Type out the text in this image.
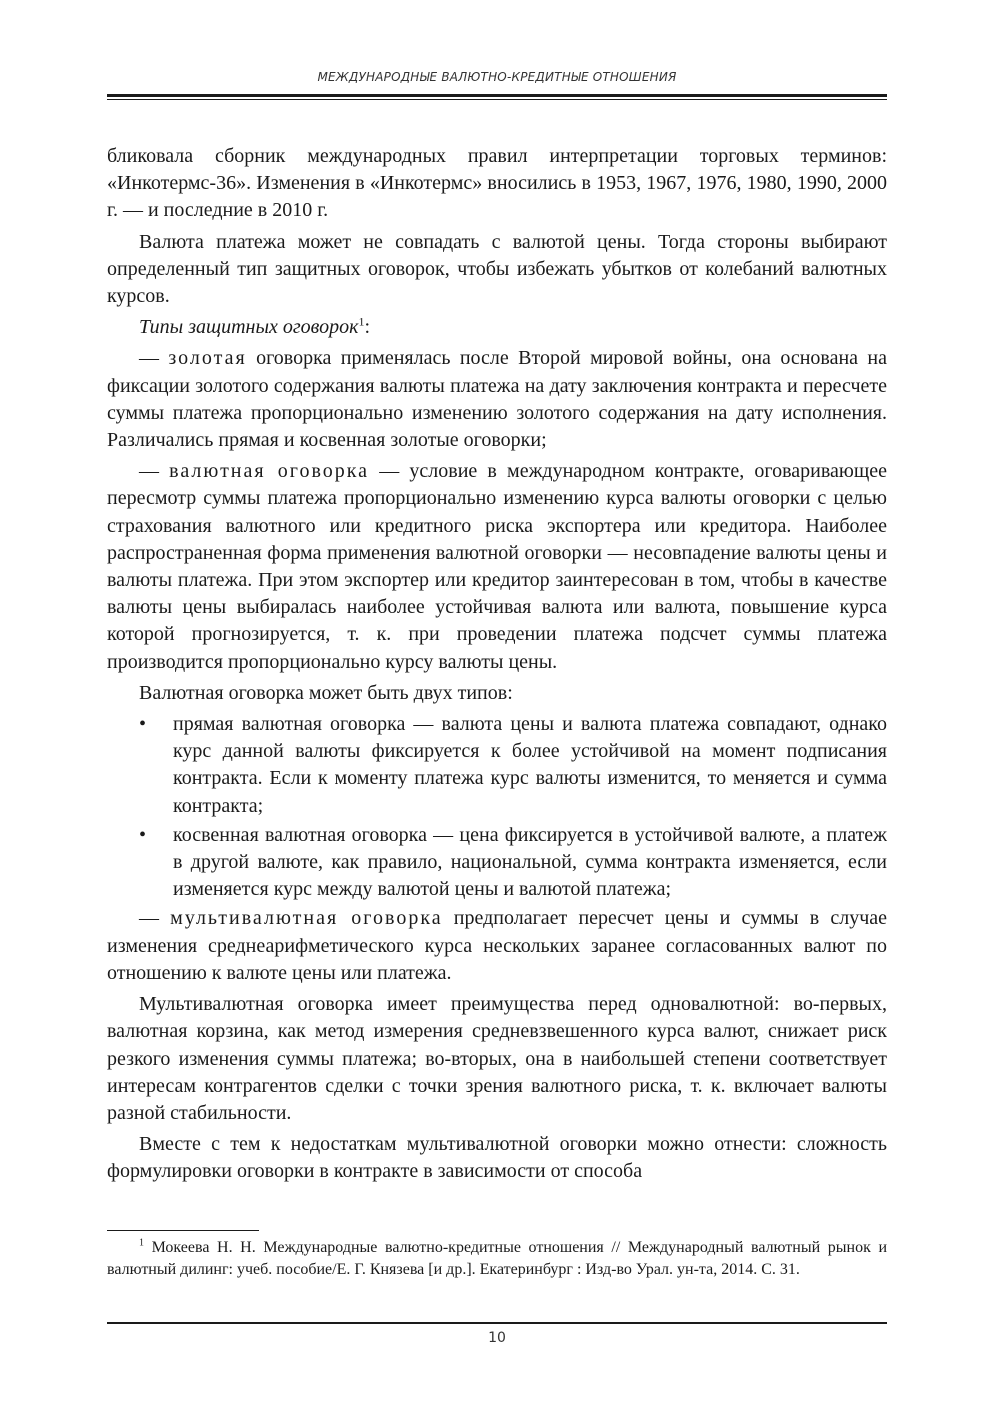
МЕЖДУНАРОДНЫЕ ВАЛЮТНО-КРЕДИТНЫЕ ОТНОШЕНИЯ

бликовала сборник международных правил интерпретации торговых терминов: «Инкотермс-36». Изменения в «Инкотермс» вносились в 1953, 1967, 1976, 1980, 1990, 2000 г. — и последние в 2010 г.

Валюта платежа может не совпадать с валютой цены. Тогда стороны выбирают определенный тип защитных оговорок, чтобы избежать убытков от колебаний валютных курсов.

Типы защитных оговорок$^1$:

— золотая оговорка применялась после Второй мировой войны, она основана на фиксации золотого содержания валюты платежа на дату заключения контракта и пересчете суммы платежа пропорционально изменению золотого содержания на дату исполнения. Различались прямая и косвенная золотые оговорки;

— валютная оговорка — условие в международном контракте, оговаривающее пересмотр суммы платежа пропорционально изменению курса валюты оговорки с целью страхования валютного или кредитного риска экспортера или кредитора. Наиболее распространенная форма применения валютной оговорки — несовпадение валюты цены и валюты платежа. При этом экспортер или кредитор заинтересован в том, чтобы в качестве валюты цены выбиралась наиболее устойчивая валюта или валюта, повышение курса которой прогнозируется, т. к. при проведении платежа подсчет суммы платежа производится пропорционально курсу валюты цены.

Валютная оговорка может быть двух типов:

• прямая валютная оговорка — валюта цены и валюта платежа совпадают, однако курс данной валюты фиксируется к более устойчивой на момент подписания контракта. Если к моменту платежа курс валюты изменится, то меняется и сумма контракта;
• косвенная валютная оговорка — цена фиксируется в устойчивой валюте, а платеж в другой валюте, как правило, национальной, сумма контракта изменяется, если изменяется курс между валютой цены и валютой платежа;

— мультивалютная оговорка предполагает пересчет цены и суммы в случае изменения среднеарифметического курса нескольких заранее согласованных валют по отношению к валюте цены или платежа.

Мультивалютная оговорка имеет преимущества перед одновалютной: во-первых, валютная корзина, как метод измерения средневзвешенного курса валют, снижает риск резкого изменения суммы платежа; во-вторых, она в наибольшей степени соответствует интересам контрагентов сделки с точки зрения валютного риска, т. к. включает валюты разной стабильности.

Вместе с тем к недостаткам мультивалютной оговорки можно отнести: сложность формулировки оговорки в контракте в зависимости от способа

$^1$ Мокеева Н. Н. Международные валютно-кредитные отношения // Международный валютный рынок и валютный дилинг: учеб. пособие/Е. Г. Князева [и др.]. Екатеринбург : Изд-во Урал. ун-та, 2014. С. 31.

10
